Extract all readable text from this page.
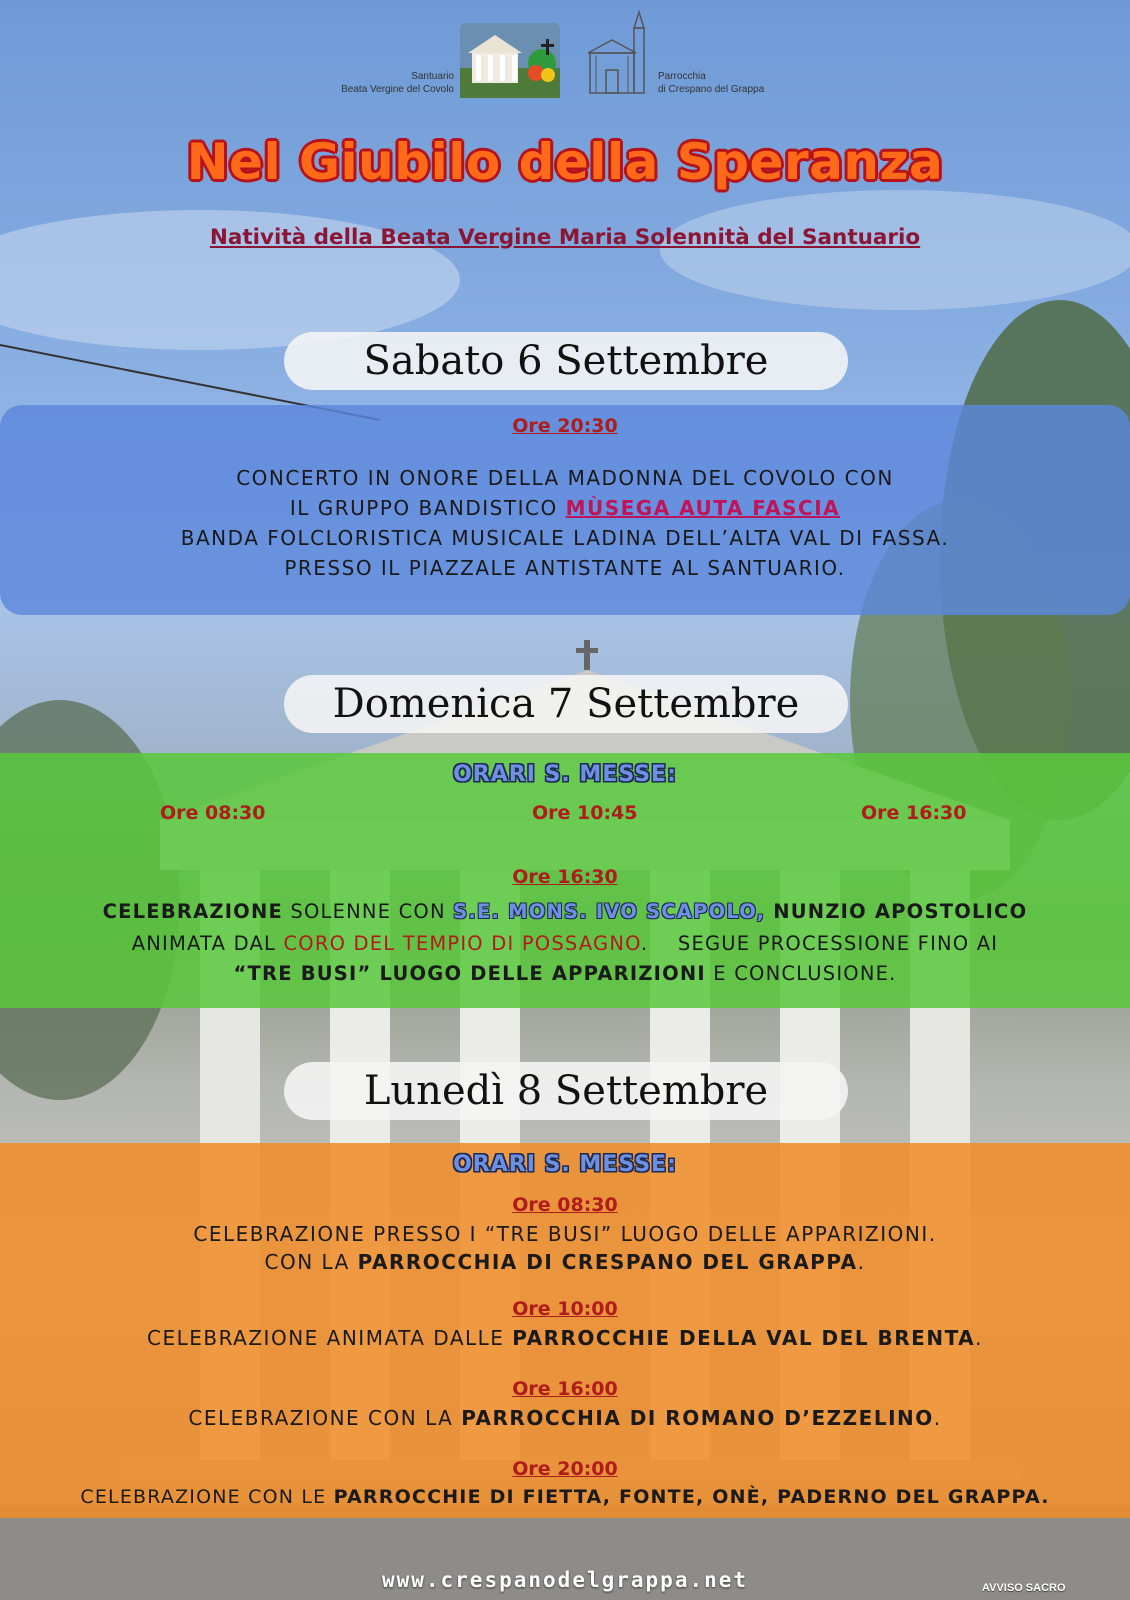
Santuario
Beata Vergine del Covolo
Parrocchia
di Crespano del Grappa
Nel Giubilo della Speranza
Natività della Beata Vergine Maria Solennità del Santuario
Sabato 6 Settembre
Ore 20:30
CONCERTO IN ONORE DELLA MADONNA DEL COVOLO CON
IL GRUPPO BANDISTICO MÙSEGA AUTA FASCIA
BANDA FOLCLORISTICA MUSICALE LADINA DELL’ALTA VAL DI FASSA.
PRESSO IL PIAZZALE ANTISTANTE AL SANTUARIO.
Domenica 7 Settembre
ORARI S. MESSE:
Ore 08:30	Ore 10:45	Ore 16:30
Ore 16:30
CELEBRAZIONE SOLENNE CON S.E. MONS. IVO SCAPOLO, NUNZIO APOSTOLICO
ANIMATA DAL CORO DEL TEMPIO DI POSSAGNO.    SEGUE PROCESSIONE FINO AI
“TRE BUSI” LUOGO DELLE APPARIZIONI E CONCLUSIONE.
Lunedì 8 Settembre
ORARI S. MESSE:
Ore 08:30
CELEBRAZIONE PRESSO I “TRE BUSI” LUOGO DELLE APPARIZIONI.
CON LA PARROCCHIA DI CRESPANO DEL GRAPPA.
Ore 10:00
CELEBRAZIONE ANIMATA DALLE PARROCCHIE DELLA VAL DEL BRENTA.
Ore 16:00
CELEBRAZIONE CON LA PARROCCHIA DI ROMANO D’EZZELINO.
Ore 20:00
CELEBRAZIONE CON LE PARROCCHIE DI FIETTA, FONTE, ONÈ, PADERNO DEL GRAPPA.
www.crespanodelgrappa.net	AVVISO SACRO
